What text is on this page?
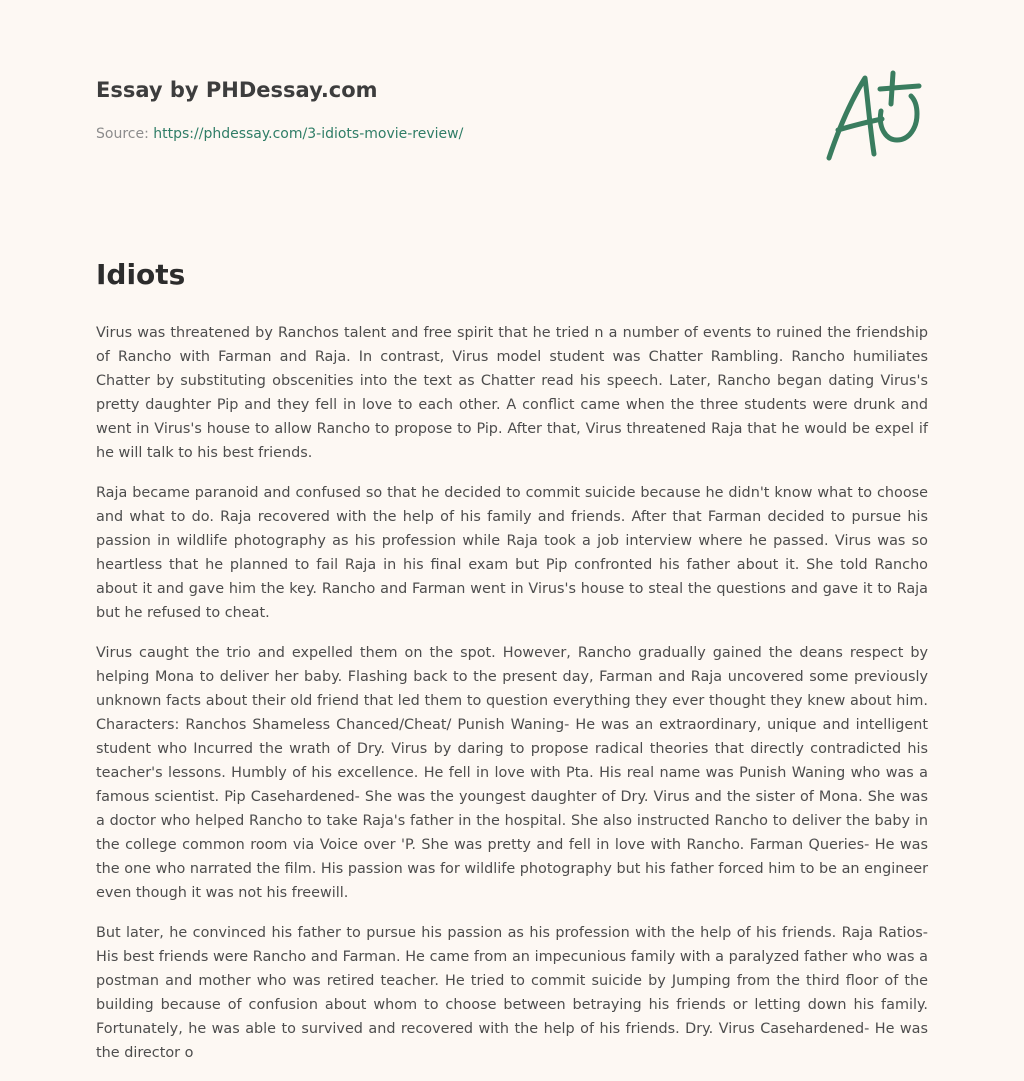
Essay by PHDessay.com
Source: https://phdessay.com/3-idiots-movie-review/
Idiots

Virus was threatened by Ranchos talent and free spirit that he tried n a number of events to ruined the friendship of Rancho with Farman and Raja. In contrast, Virus model student was Chatter Rambling. Rancho humiliates Chatter by substituting obscenities into the text as Chatter read his speech. Later, Rancho began dating Virus's pretty daughter Pip and they fell in love to each other. A conflict came when the three students were drunk and went in Virus's house to allow Rancho to propose to Pip. After that, Virus threatened Raja that he would be expel if he will talk to his best friends.

Raja became paranoid and confused so that he decided to commit suicide because he didn't know what to choose and what to do. Raja recovered with the help of his family and friends. After that Farman decided to pursue his passion in wildlife photography as his profession while Raja took a job interview where he passed. Virus was so heartless that he planned to fail Raja in his final exam but Pip confronted his father about it. She told Rancho about it and gave him the key. Rancho and Farman went in Virus's house to steal the questions and gave it to Raja but he refused to cheat.

Virus caught the trio and expelled them on the spot. However, Rancho gradually gained the deans respect by helping Mona to deliver her baby. Flashing back to the present day, Farman and Raja uncovered some previously unknown facts about their old friend that led them to question everything they ever thought they knew about him. Characters: Ranchos Shameless Chanced/Cheat/ Punish Waning- He was an extraordinary, unique and intelligent student who Incurred the wrath of Dry. Virus by daring to propose radical theories that directly contradicted his teacher's lessons. Humbly of his excellence. He fell in love with Pta. His real name was Punish Waning who was a famous scientist. Pip Casehardened- She was the youngest daughter of Dry. Virus and the sister of Mona. She was a doctor who helped Rancho to take Raja's father in the hospital. She also instructed Rancho to deliver the baby in the college common room via Voice over 'P. She was pretty and fell in love with Rancho. Farman Queries- He was the one who narrated the film. His passion was for wildlife photography but his father forced him to be an engineer even though it was not his freewill.

But later, he convinced his father to pursue his passion as his profession with the help of his friends. Raja Ratios- His best friends were Rancho and Farman. He came from an impecunious family with a paralyzed father who was a postman and mother who was retired teacher. He tried to commit suicide by Jumping from the third floor of the building because of confusion about whom to choose between betraying his friends or letting down his family. Fortunately, he was able to survived and recovered with the help of his friends. Dry. Virus Casehardened- He was the director o
